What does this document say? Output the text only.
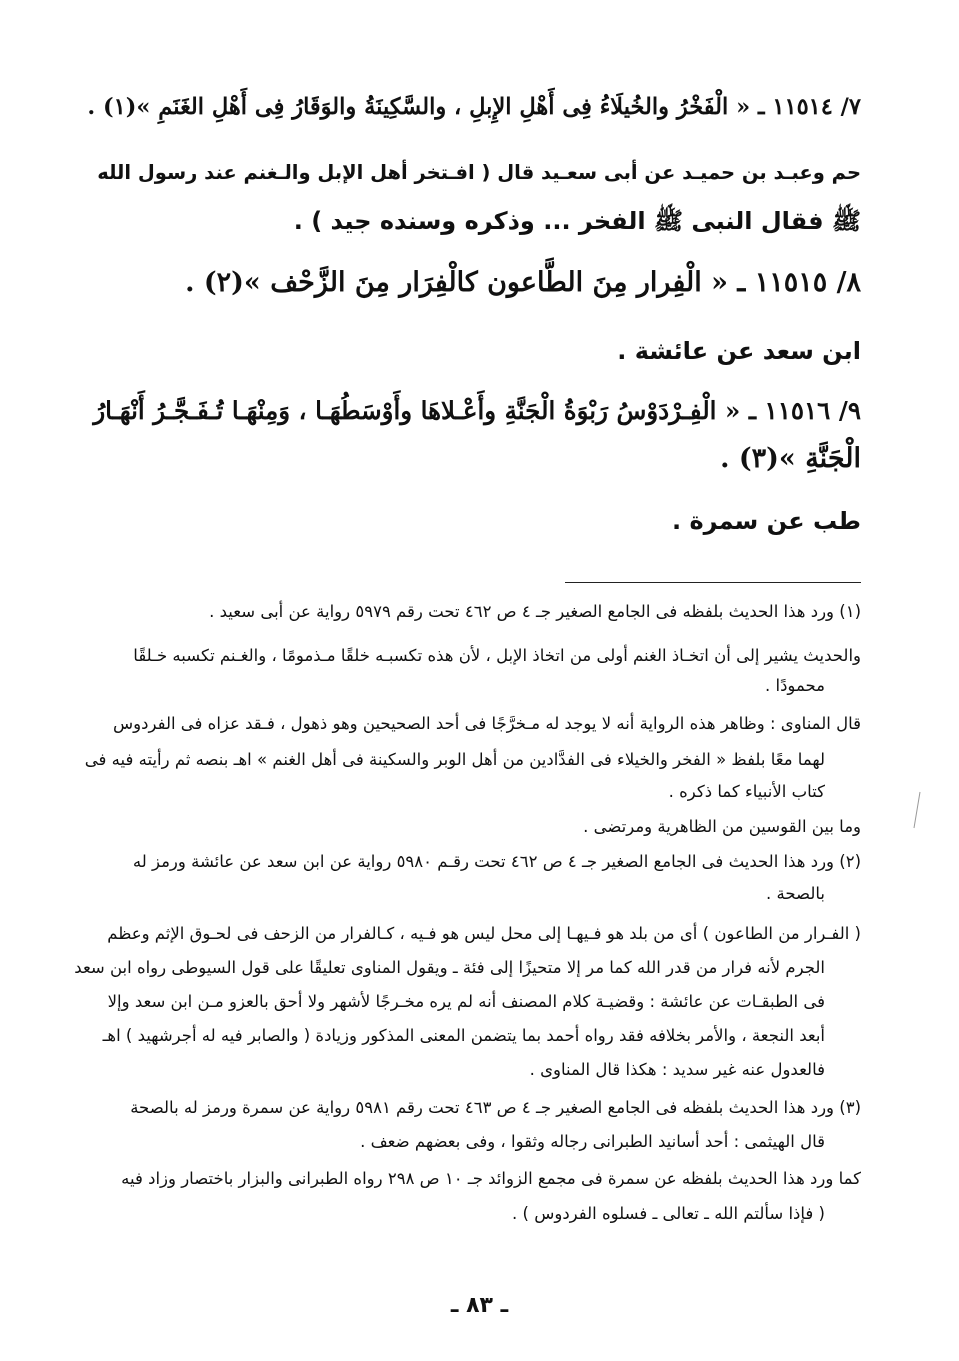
٧/ ١١٥١٤ ـ « الْفَخْرُ والخُيلَاءُ فِى أَهْلِ الإِبلِ ، والسَّكِينَةُ والوَقَارُ فِى أَهْلِ الغَنَمِ »(١) .
حم وعبـد بن حميـد عن أبى سعـيد قال ( افـتخر أهل الإبل والـغنم عند رسول الله
ﷺ فقال النبى ﷺ الفخر ... وذكره وسنده جيد ) .
٨/ ١١٥١٥ ـ « الْفِرار مِنَ الطَّاعون كالْفِرَار مِنَ الزَّحْف »(٢) .
ابن سعد عن عائشة .
٩/ ١١٥١٦ ـ « الْفِـرْدَوْسُ رَبْوَةُ الْجَنَّةِ وأَعْـلاهَا وأَوْسَطُهَـا ، وَمِنْهَـا تُـفَـجَّـرُ أَنْهَـارُ
الْجَنَّةِ »(٣) .
طب عن سمرة .
(١) ورد هذا الحديث بلفظه فى الجامع الصغير جـ ٤ ص ٤٦٢ تحت رقم ٥٩٧٩ رواية عن أبى سعيد .
والحديث يشير إلى أن اتخـاذ الغنم أولى من اتخاذ الإبل ، لأن هذه تكسبـه خلقًا مـذمومًا ، والغـنم تكسبه خـلقًا
محمودًا .
قال المناوى : وظاهر هذه الرواية أنه لا يوجد له مـخرَّجًا فى أحد الصحيحين وهو ذهول ، فـقد عزاه فى الفردوس
لهما معًا بلفظ « الفخر والخيلاء فى الفدَّادين من أهل الوبر والسكينة فى أهل الغنم » اهـ بنصه ثم رأيته فيه فى
كتاب الأنبياء كما ذكره .
وما بين القوسين من الظاهرية ومرتضى .
(٢) ورد هذا الحديث فى الجامع الصغير جـ ٤ ص ٤٦٢ تحت رقـم ٥٩٨٠ رواية عن ابن سعد عن عائشة ورمز له
بالصحة .
( الفـرار من الطاعون ) أى من بلد هو فـيهـا إلى محل ليس هو فـيه ، كـالفرار من الزحف فى لحـوق الإثم وعظم
الجرم لأنه فرار من قدر الله كما مر إلا متحيزًا إلى فئة ـ ويقول المناوى تعليقًا على قول السيوطى رواه ابن سعد
فى الطبقـات عن عائشة : وقضيـة كلام المصنف أنه لم يره مخـرجًا لأشهر ولا أحق بالعزو مـن ابن سعد وإلا
أبعد النجعة ، والأمر بخلافه فقد رواه أحمد بما يتضمن المعنى المذكور وزيادة ( والصابر فيه له أجرشهيد ) اهـ
فالعدول عنه غير سديد : هكذا قال المناوى .
(٣) ورد هذا الحديث بلفظه فى الجامع الصغير جـ ٤ ص ٤٦٣ تحت رقم ٥٩٨١ رواية عن سمرة ورمز له بالصحة
قال الهيثمى : أحد أسانيد الطبرانى رجاله وثقوا ، وفى بعضهم ضعف .
كما ورد هذا الحديث بلفظه عن سمرة فى مجمع الزوائد جـ ١٠ ص ٢٩٨ رواه الطبرانى والبزار باختصار وزاد فيه
( فإذا سألتم الله ـ تعالى ـ فسلوه الفردوس ) .
ـ ٨٣ ـ
